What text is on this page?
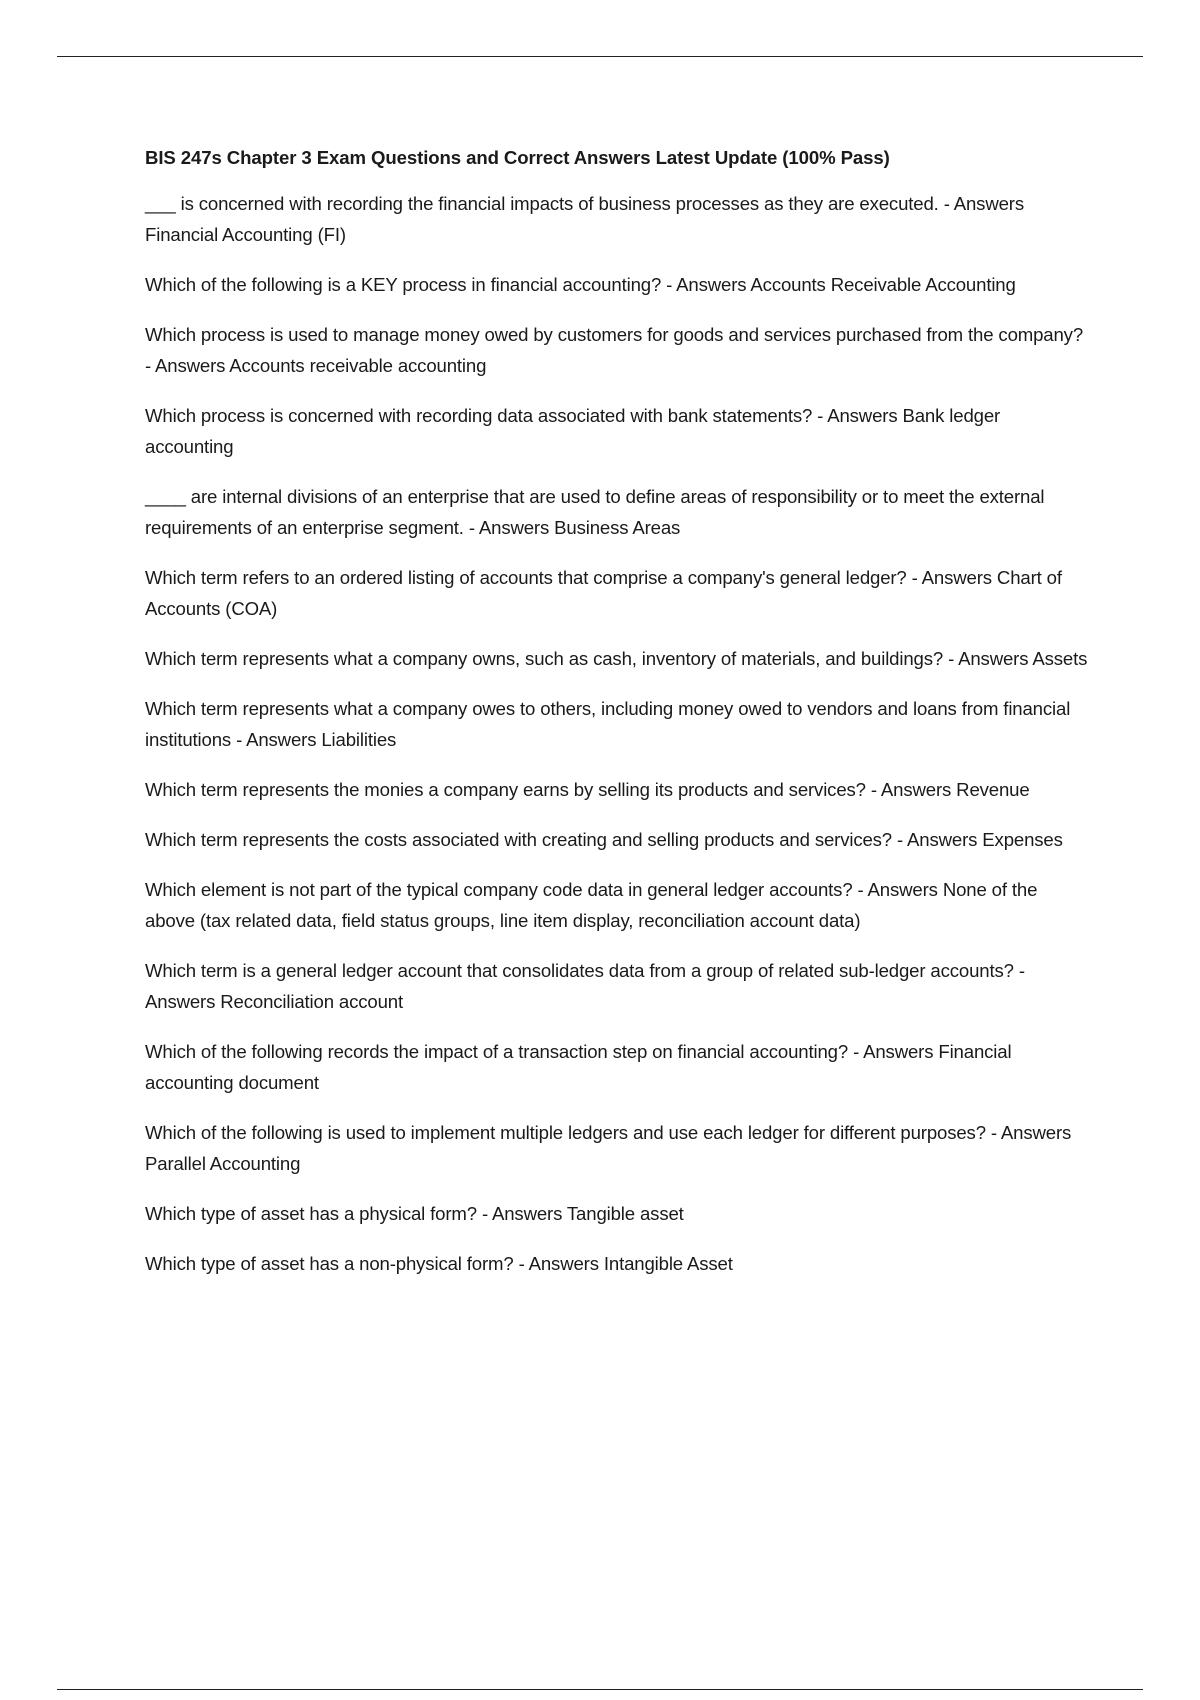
BIS 247s Chapter 3 Exam Questions and Correct Answers Latest Update (100% Pass)
___ is concerned with recording the financial impacts of business processes as they are executed. - Answers Financial Accounting (FI)
Which of the following is a KEY process in financial accounting? - Answers Accounts Receivable Accounting
Which process is used to manage money owed by customers for goods and services purchased from the company? - Answers Accounts receivable accounting
Which process is concerned with recording data associated with bank statements? - Answers Bank ledger accounting
____ are internal divisions of an enterprise that are used to define areas of responsibility or to meet the external requirements of an enterprise segment. - Answers Business Areas
Which term refers to an ordered listing of accounts that comprise a company's general ledger? - Answers Chart of Accounts (COA)
Which term represents what a company owns, such as cash, inventory of materials, and buildings? - Answers Assets
Which term represents what a company owes to others, including money owed to vendors and loans from financial institutions - Answers Liabilities
Which term represents the monies a company earns by selling its products and services? - Answers Revenue
Which term represents the costs associated with creating and selling products and services? - Answers Expenses
Which element is not part of the typical company code data in general ledger accounts? - Answers None of the above (tax related data, field status groups, line item display, reconciliation account data)
Which term is a general ledger account that consolidates data from a group of related sub-ledger accounts? - Answers Reconciliation account
Which of the following records the impact of a transaction step on financial accounting? - Answers Financial accounting document
Which of the following is used to implement multiple ledgers and use each ledger for different purposes? - Answers Parallel Accounting
Which type of asset has a physical form? - Answers Tangible asset
Which type of asset has a non-physical form? - Answers Intangible Asset
